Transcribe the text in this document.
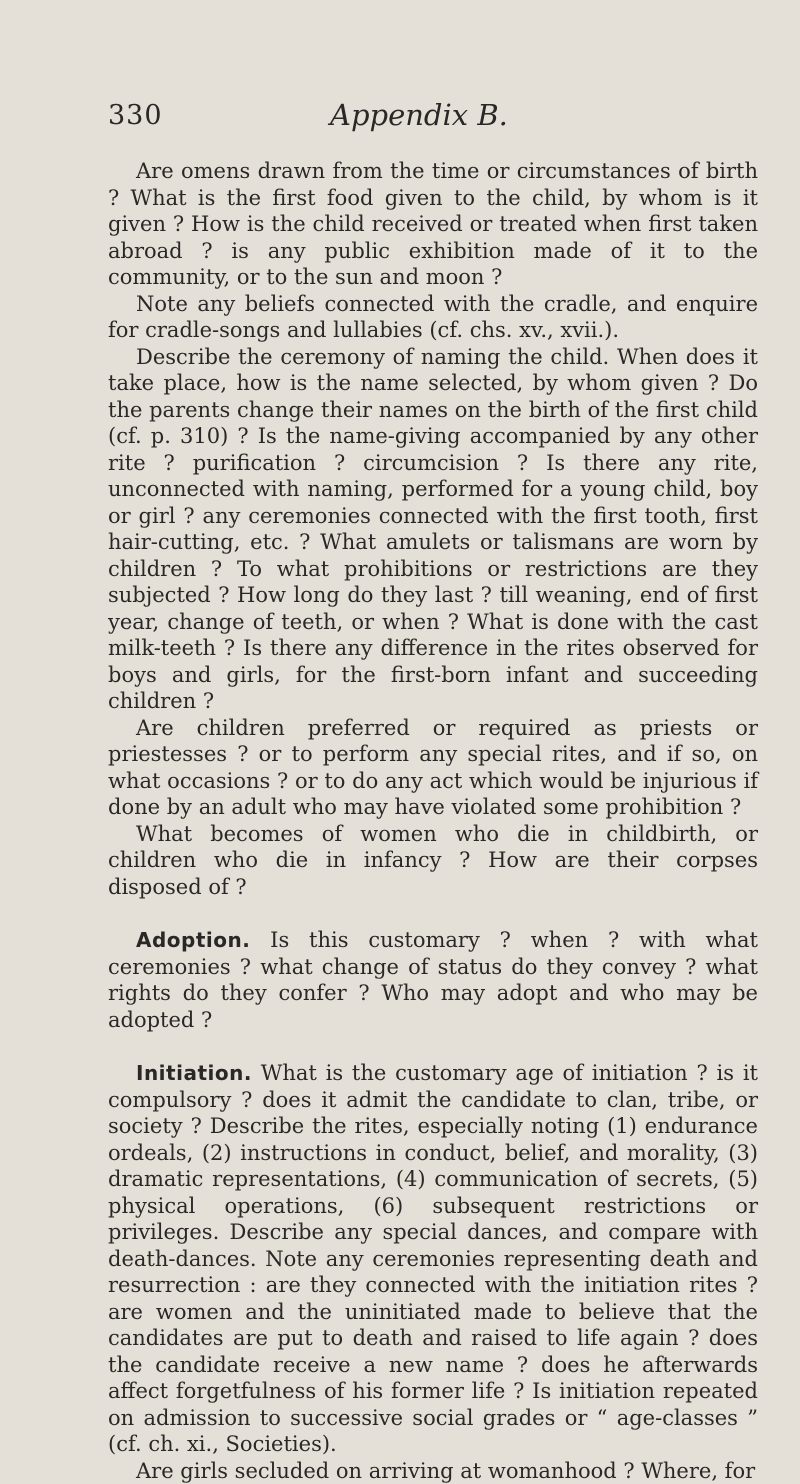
330	Appendix B.

Are omens drawn from the time or circumstances of birth ? What is the first food given to the child, by whom is it given ? How is the child received or treated when first taken abroad ? is any public exhibition made of it to the community, or to the sun and moon ?

Note any beliefs connected with the cradle, and enquire for cradle-songs and lullabies (cf. chs. xv., xvii.).

Describe the ceremony of naming the child. When does it take place, how is the name selected, by whom given ? Do the parents change their names on the birth of the first child (cf. p. 310) ? Is the name-giving accompanied by any other rite ? purification ? circumcision ? Is there any rite, unconnected with naming, performed for a young child, boy or girl ? any ceremonies connected with the first tooth, first hair-cutting, etc. ? What amulets or talismans are worn by children ? To what prohibitions or restrictions are they subjected ? How long do they last ? till weaning, end of first year, change of teeth, or when ? What is done with the cast milk-teeth ? Is there any difference in the rites observed for boys and girls, for the first-born infant and succeeding children ?

Are children preferred or required as priests or priestesses ? or to perform any special rites, and if so, on what occasions ? or to do any act which would be injurious if done by an adult who may have violated some prohibition ?

What becomes of women who die in childbirth, or children who die in infancy ? How are their corpses disposed of ?

Adoption. Is this customary ? when ? with what ceremonies ? what change of status do they convey ? what rights do they confer ? Who may adopt and who may be adopted ?

Initiation. What is the customary age of initiation ? is it compulsory ? does it admit the candidate to clan, tribe, or society ? Describe the rites, especially noting (1) endurance ordeals, (2) instructions in conduct, belief, and morality, (3) dramatic representations, (4) communication of secrets, (5) physical operations, (6) subsequent restrictions or privileges. Describe any special dances, and compare with death-dances. Note any ceremonies representing death and resurrection : are they connected with the initiation rites ? are women and the uninitiated made to believe that the candidates are put to death and raised to life again ? does the candidate receive a new name ? does he afterwards affect forgetfulness of his former life ? Is initiation repeated on admission to successive social grades or “ age-classes ” (cf. ch. xi., Societies).

Are girls secluded on arriving at womanhood ? Where, for
